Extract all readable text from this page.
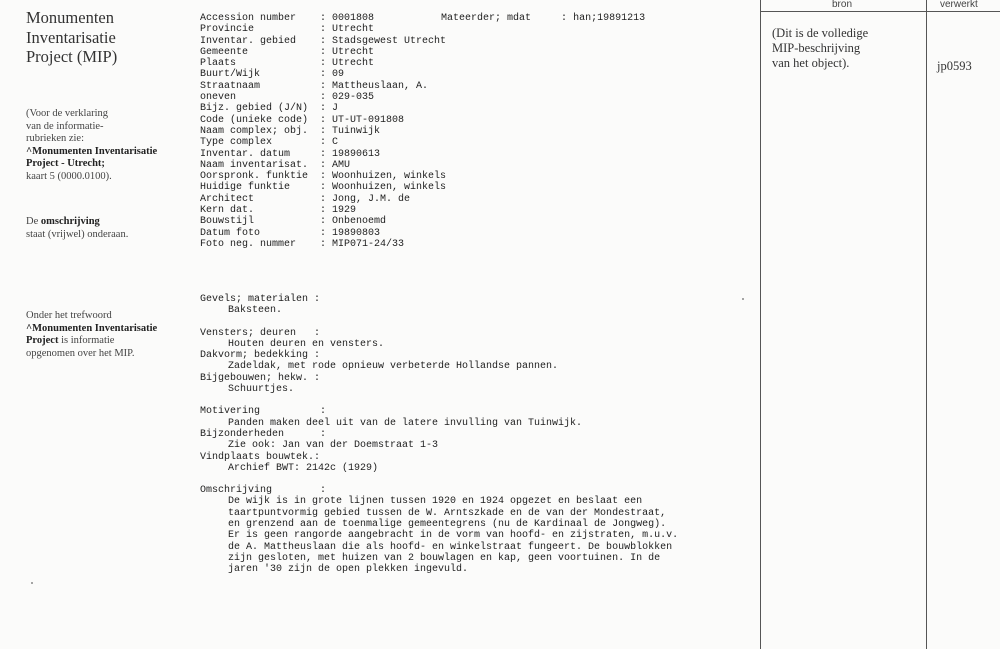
Monumenten
Inventarisatie
Project (MIP)
(Voor de verklaring
van de informatie-
rubrieken zie:
^Monumenten Inventarisatie
Project - Utrecht;
kaart 5 (0000.0100).
De omschrijving
staat (vrijwel) onderaan.
Onder het trefwoord
^Monumenten Inventarisatie
Project is informatie
opgenomen over het MIP.
Accession number	: 0001808
Provincie	: Utrecht
Inventar. gebied	: Stadsgewest Utrecht
Gemeente	: Utrecht
Plaats	: Utrecht
Buurt/Wijk	: 09
Straatnaam	: Mattheuslaan, A.
oneven	: 029-035
Bijz. gebied (J/N)	: J
Code (unieke code)	: UT-UT-091808
Naam complex; obj.	: Tuinwijk
Type complex	: C
Inventar. datum	: 19890613
Naam inventarisat.	: AMU
Oorspronk. funktie	: Woonhuizen, winkels
Huidige funktie	: Woonhuizen, winkels
Architect	: Jong, J.M. de
Kern dat.	: 1929
Bouwstijl	: Onbenoemd
Datum foto	: 19890803
Foto neg. nummer	: MIP071-24/33
Mateerder; mdat	: han;19891213
Gevels; materialen :
Baksteen.
Vensters; deuren   :
Houten deuren en vensters.
Dakvorm; bedekking :
Zadeldak, met rode opnieuw verbeterde Hollandse pannen.
Bijgebouwen; hekw. :
Schuurtjes.
Motivering          :
Panden maken deel uit van de latere invulling van Tuinwijk.
Bijzonderheden      :
Zie ook: Jan van der Doemstraat 1-3
Vindplaats bouwtek.:
Archief BWT: 2142c (1929)
Omschrijving        :
De wijk is in grote lijnen tussen 1920 en 1924 opgezet en beslaat een
taartpuntvormig gebied tussen de W. Arntszkade en de van der Mondestraat,
en grenzend aan de toenmalige gemeentegrens (nu de Kardinaal de Jongweg).
Er is geen rangorde aangebracht in de vorm van hoofd- en zijstraten, m.u.v.
de A. Mattheuslaan die als hoofd- en winkelstraat fungeert. De bouwblokken
zijn gesloten, met huizen van 2 bouwlagen en kap, geen voortuinen. In de
jaren '30 zijn de open plekken ingevuld.
bron	verwerkt
(Dit is de volledige
MIP-beschrijving
van het object).	jp0593
